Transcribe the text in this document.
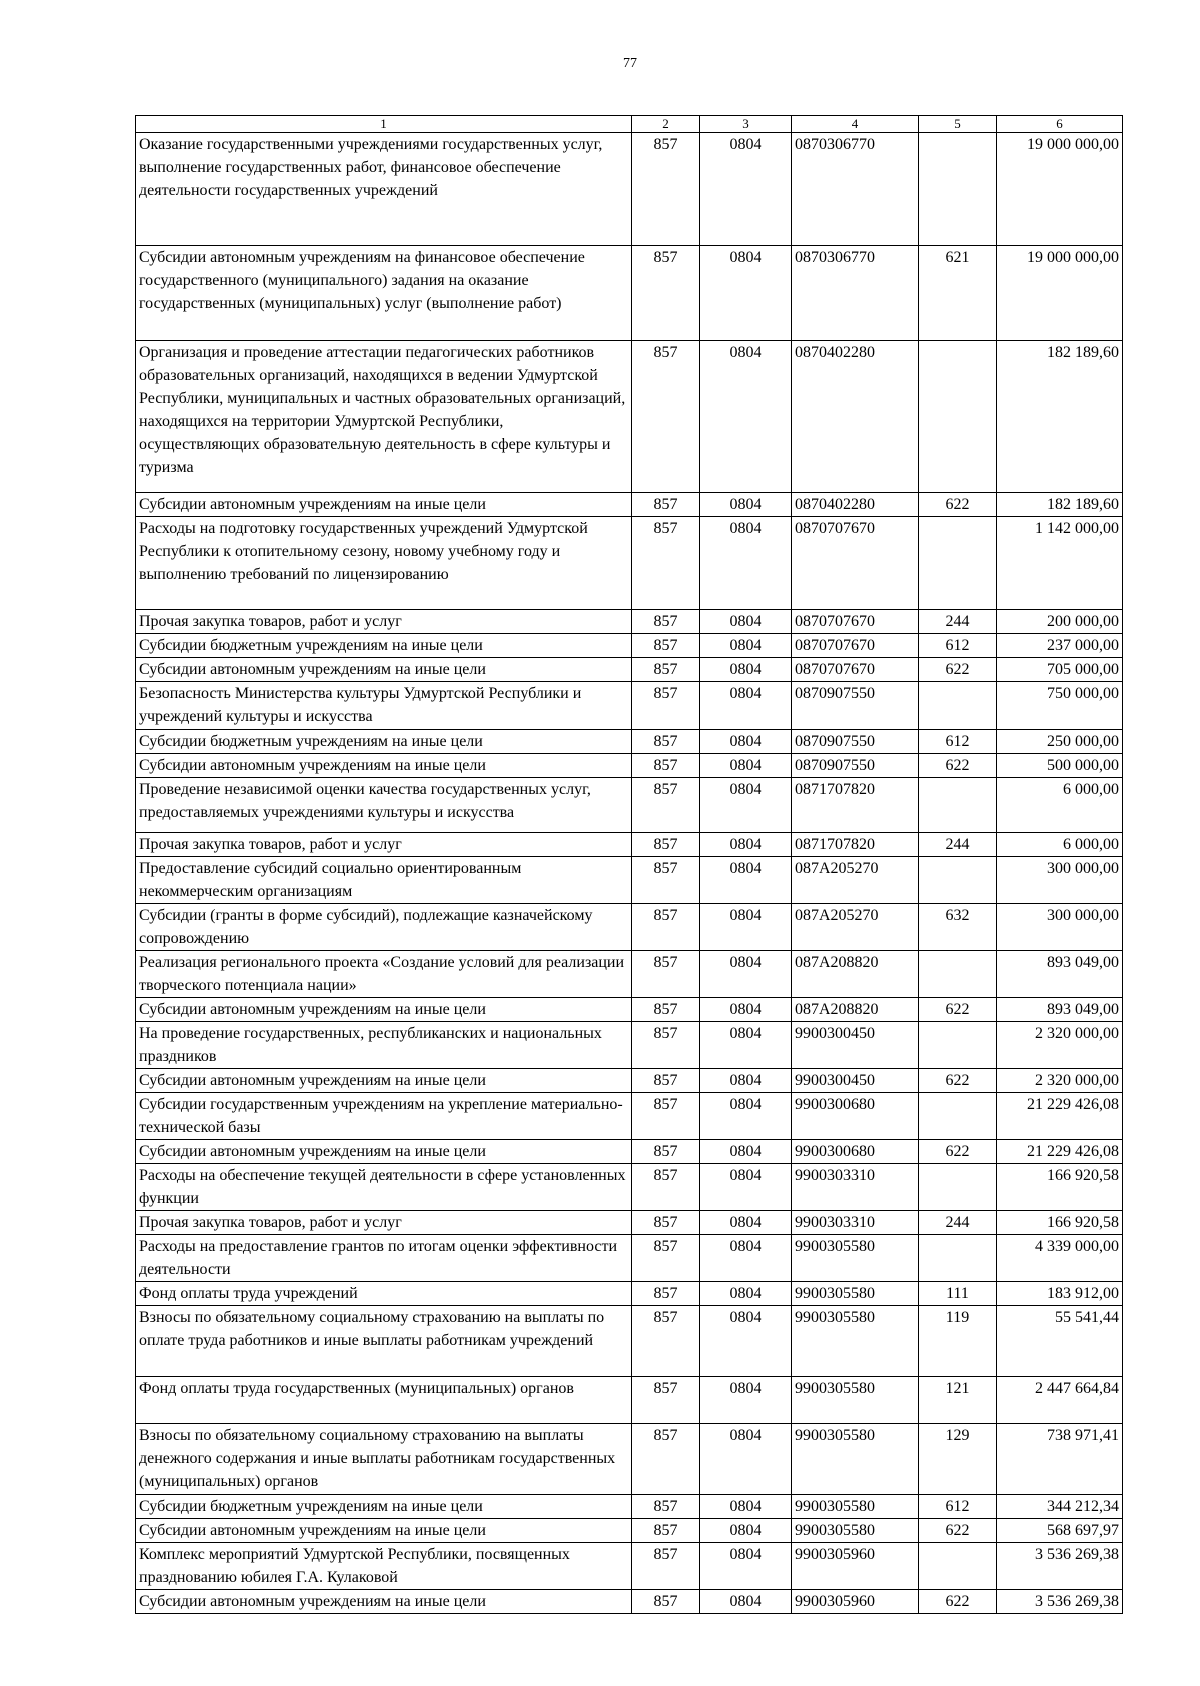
77
1	2	3	4	5	6
Оказание государственными учреждениями государственных услуг, выполнение государственных работ, финансовое обеспечение деятельности государственных учреждений	857	0804	0870306770		19 000 000,00
Субсидии автономным учреждениям на финансовое обеспечение государственного (муниципального) задания на оказание государственных (муниципальных) услуг (выполнение работ)	857	0804	0870306770	621	19 000 000,00
Организация и проведение аттестации педагогических работников образовательных организаций, находящихся в ведении Удмуртской Республики, муниципальных и частных образовательных организаций, находящихся на территории Удмуртской Республики, осуществляющих образовательную деятельность в сфере культуры и туризма	857	0804	0870402280		182 189,60
Субсидии автономным учреждениям на иные цели	857	0804	0870402280	622	182 189,60
Расходы на подготовку государственных учреждений Удмуртской Республики к отопительному сезону, новому учебному году и выполнению требований по лицензированию	857	0804	0870707670		1 142 000,00
Прочая закупка товаров, работ и услуг	857	0804	0870707670	244	200 000,00
Субсидии бюджетным учреждениям на иные цели	857	0804	0870707670	612	237 000,00
Субсидии автономным учреждениям на иные цели	857	0804	0870707670	622	705 000,00
Безопасность Министерства культуры Удмуртской Республики и учреждений культуры и искусства	857	0804	0870907550		750 000,00
Субсидии бюджетным учреждениям на иные цели	857	0804	0870907550	612	250 000,00
Субсидии автономным учреждениям на иные цели	857	0804	0870907550	622	500 000,00
Проведение независимой оценки качества государственных услуг, предоставляемых учреждениями культуры и искусства	857	0804	0871707820		6 000,00
Прочая закупка товаров, работ и услуг	857	0804	0871707820	244	6 000,00
Предоставление субсидий социально ориентированным некоммерческим организациям	857	0804	087А205270		300 000,00
Субсидии (гранты в форме субсидий), подлежащие казначейскому сопровождению	857	0804	087А205270	632	300 000,00
Реализация регионального проекта «Создание условий для реализации творческого потенциала нации»	857	0804	087А208820		893 049,00
Субсидии автономным учреждениям на иные цели	857	0804	087А208820	622	893 049,00
На проведение государственных, республиканских и национальных праздников	857	0804	9900300450		2 320 000,00
Субсидии автономным учреждениям на иные цели	857	0804	9900300450	622	2 320 000,00
Субсидии государственным учреждениям на укрепление материально-технической базы	857	0804	9900300680		21 229 426,08
Субсидии автономным учреждениям на иные цели	857	0804	9900300680	622	21 229 426,08
Расходы на обеспечение текущей деятельности в сфере установленных функции	857	0804	9900303310		166 920,58
Прочая закупка товаров, работ и услуг	857	0804	9900303310	244	166 920,58
Расходы на предоставление грантов по итогам оценки эффективности деятельности	857	0804	9900305580		4 339 000,00
Фонд оплаты труда учреждений	857	0804	9900305580	111	183 912,00
Взносы по обязательному социальному страхованию на выплаты по оплате труда работников и иные выплаты работникам учреждений	857	0804	9900305580	119	55 541,44
Фонд оплаты труда государственных (муниципальных) органов	857	0804	9900305580	121	2 447 664,84
Взносы по обязательному социальному страхованию на выплаты денежного содержания и иные выплаты работникам государственных (муниципальных) органов	857	0804	9900305580	129	738 971,41
Субсидии бюджетным учреждениям на иные цели	857	0804	9900305580	612	344 212,34
Субсидии автономным учреждениям на иные цели	857	0804	9900305580	622	568 697,97
Комплекс мероприятий Удмуртской Республики, посвященных празднованию юбилея Г.А. Кулаковой	857	0804	9900305960		3 536 269,38
Субсидии автономным учреждениям на иные цели	857	0804	9900305960	622	3 536 269,38
